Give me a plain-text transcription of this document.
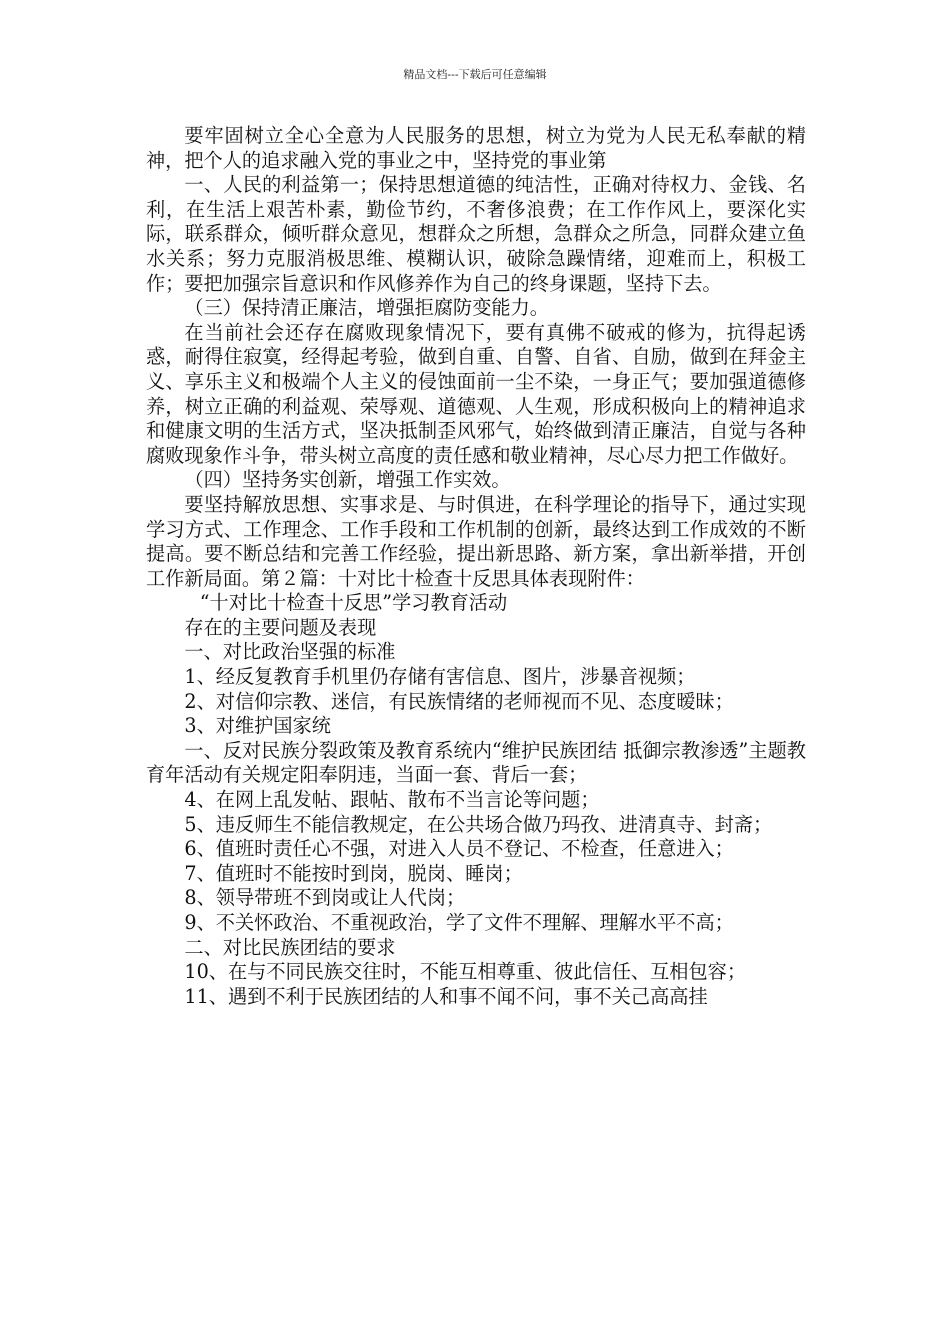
精品文档---下载后可任意编辑

要牢固树立全心全意为人民服务的思想，树立为党为人民无私奉献的精神，把个人的追求融入党的事业之中，坚持党的事业第

一、人民的利益第一；保持思想道德的纯洁性，正确对待权力、金钱、名利，在生活上艰苦朴素，勤俭节约，不奢侈浪费；在工作作风上，要深化实际，联系群众，倾听群众意见，想群众之所想，急群众之所急，同群众建立鱼水关系；努力克服消极思维、模糊认识，破除急躁情绪，迎难而上，积极工作；要把加强宗旨意识和作风修养作为自己的终身课题，坚持下去。

（三）保持清正廉洁，增强拒腐防变能力。

在当前社会还存在腐败现象情况下，要有真佛不破戒的修为，抗得起诱惑，耐得住寂寞，经得起考验，做到自重、自警、自省、自励，做到在拜金主义、享乐主义和极端个人主义的侵蚀面前一尘不染，一身正气；要加强道德修养，树立正确的利益观、荣辱观、道德观、人生观，形成积极向上的精神追求和健康文明的生活方式，坚决抵制歪风邪气，始终做到清正廉洁，自觉与各种腐败现象作斗争，带头树立高度的责任感和敬业精神，尽心尽力把工作做好。

（四）坚持务实创新，增强工作实效。

要坚持解放思想、实事求是、与时俱进，在科学理论的指导下，通过实现学习方式、工作理念、工作手段和工作机制的创新，最终达到工作成效的不断提高。要不断总结和完善工作经验，提出新思路、新方案，拿出新举措，开创工作新局面。第２篇：十对比十检查十反思具体表现附件：

“十对比十检查十反思”学习教育活动

存在的主要问题及表现

一、对比政治坚强的标准

1、经反复教育手机里仍存储有害信息、图片，涉暴音视频；

2、对信仰宗教、迷信，有民族情绪的老师视而不见、态度暧昧；

3、对维护国家统

一、反对民族分裂政策及教育系统内“维护民族团结 抵御宗教渗透”主题教育年活动有关规定阳奉阴违，当面一套、背后一套；

4、在网上乱发帖、跟帖、散布不当言论等问题；

5、违反师生不能信教规定，在公共场合做乃玛孜、进清真寺、封斋；

6、值班时责任心不强，对进入人员不登记、不检查，任意进入；

7、值班时不能按时到岗，脱岗、睡岗；

8、领导带班不到岗或让人代岗；

9、不关怀政治、不重视政治，学了文件不理解、理解水平不高；

二、对比民族团结的要求

10、在与不同民族交往时，不能互相尊重、彼此信任、互相包容；

11、遇到不利于民族团结的人和事不闻不问，事不关己高高挂
